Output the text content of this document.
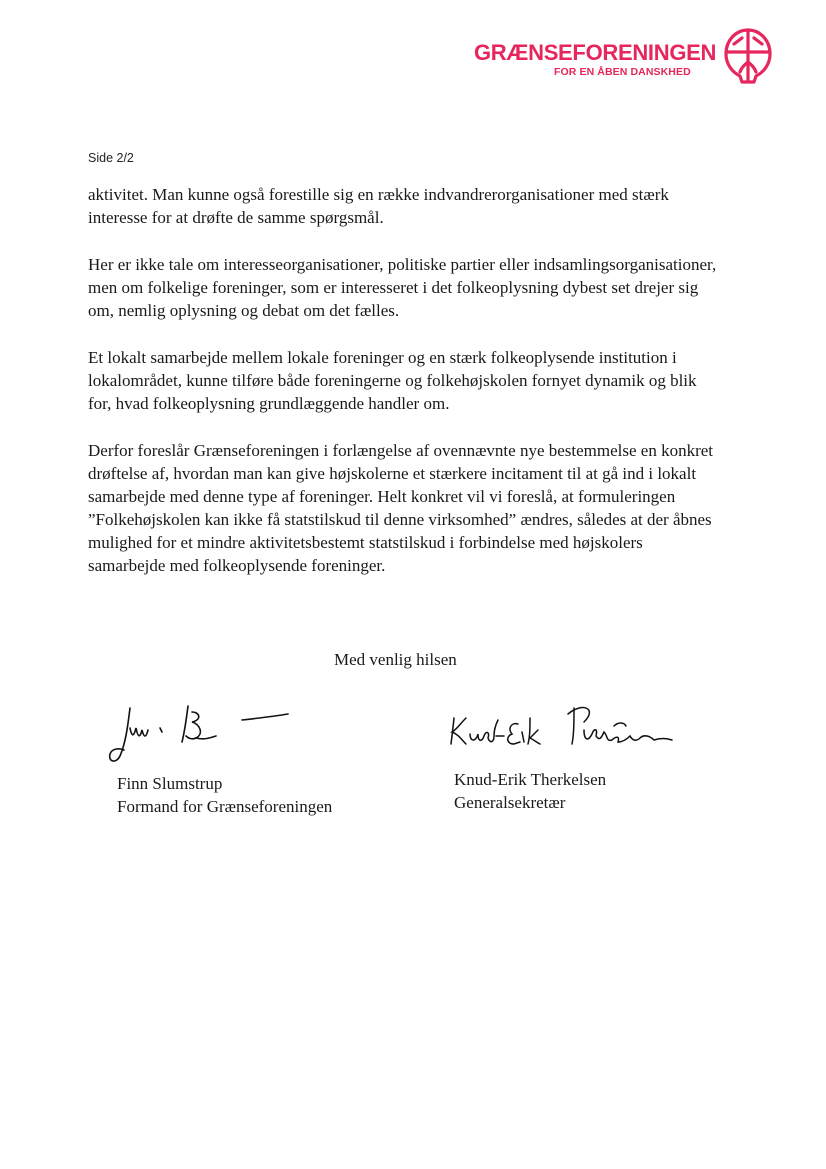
GRÆNSEFORENINGEN
FOR EN ÅBEN DANSKHED
Side 2/2

aktivitet. Man kunne også forestille sig en række indvandrerorganisationer med stærk interesse for at drøfte de samme spørgsmål.

Her er ikke tale om interesseorganisationer, politiske partier eller indsamlingsorganisationer, men om folkelige foreninger, som er interesseret i det folkeoplysning dybest set drejer sig om, nemlig oplysning og debat om det fælles.

Et lokalt samarbejde mellem lokale foreninger og en stærk folkeoplysende institution i lokalområdet, kunne tilføre både foreningerne og folkehøjskolen fornyet dynamik og blik for, hvad folkeoplysning grundlæggende handler om.

Derfor foreslår Grænseforeningen i forlængelse af ovennævnte nye bestemmelse en konkret drøftelse af, hvordan man kan give højskolerne et stærkere incitament til at gå ind i lokalt samarbejde med denne type af foreninger. Helt konkret vil vi foreslå, at formuleringen ”Folkehøjskolen kan ikke få statstilskud til denne virksomhed” ændres, således at der åbnes mulighed for et mindre aktivitetsbestemt statstilskud i forbindelse med højskolers samarbejde med folkeoplysende foreninger.

Med venlig hilsen
Finn Slumstrup
Formand for Grænseforeningen
Knud-Erik Therkelsen
Generalsekretær
